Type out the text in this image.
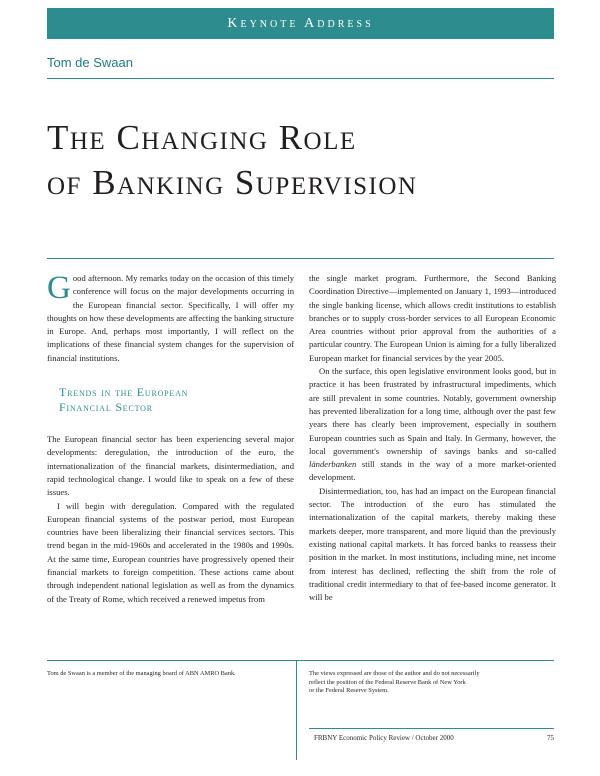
Keynote Address
Tom de Swaan
The Changing Role
of Banking Supervision

Good afternoon. My remarks today on the occasion of this timely conference will focus on the major developments occurring in the European financial sector. Specifically, I will offer my thoughts on how these developments are affecting the banking structure in Europe. And, perhaps most importantly, I will reflect on the implications of these financial system changes for the supervision of financial institutions.

Trends in the European
Financial Sector

The European financial sector has been experiencing several major developments: deregulation, the introduction of the euro, the internationalization of the financial markets, disintermediation, and rapid technological change. I would like to speak on a few of these issues.

I will begin with deregulation. Compared with the regulated European financial systems of the postwar period, most European countries have been liberalizing their financial services sectors. This trend began in the mid-1960s and accelerated in the 1980s and 1990s. At the same time, European countries have progressively opened their financial markets to foreign competition. These actions came about through independent national legislation as well as from the dynamics of the Treaty of Rome, which received a renewed impetus from

the single market program. Furthermore, the Second Banking Coordination Directive—implemented on January 1, 1993—introduced the single banking license, which allows credit institutions to establish branches or to supply cross-border services to all European Economic Area countries without prior approval from the authorities of a particular country. The European Union is aiming for a fully liberalized European market for financial services by the year 2005.

On the surface, this open legislative environment looks good, but in practice it has been frustrated by infrastructural impediments, which are still prevalent in some countries. Notably, government ownership has prevented liberalization for a long time, although over the past few years there has clearly been improvement, especially in southern European countries such as Spain and Italy. In Germany, however, the local government's ownership of savings banks and so-called länderbanken still stands in the way of a more market-oriented development.

Disintermediation, too, has had an impact on the European financial sector. The introduction of the euro has stimulated the internationalization of the capital markets, thereby making these markets deeper, more transparent, and more liquid than the previously existing national capital markets. It has forced banks to reassess their position in the market. In most institutions, including mine, net income from interest has declined, reflecting the shift from the role of traditional credit intermediary to that of fee-based income generator. It will be

Tom de Swaan is a member of the managing board of ABN AMRO Bank.	The views expressed are those of the author and do not necessarily
reflect the position of the Federal Reserve Bank of New York
or the Federal Reserve System.
FRBNY Economic Policy Review / October 2000	75
